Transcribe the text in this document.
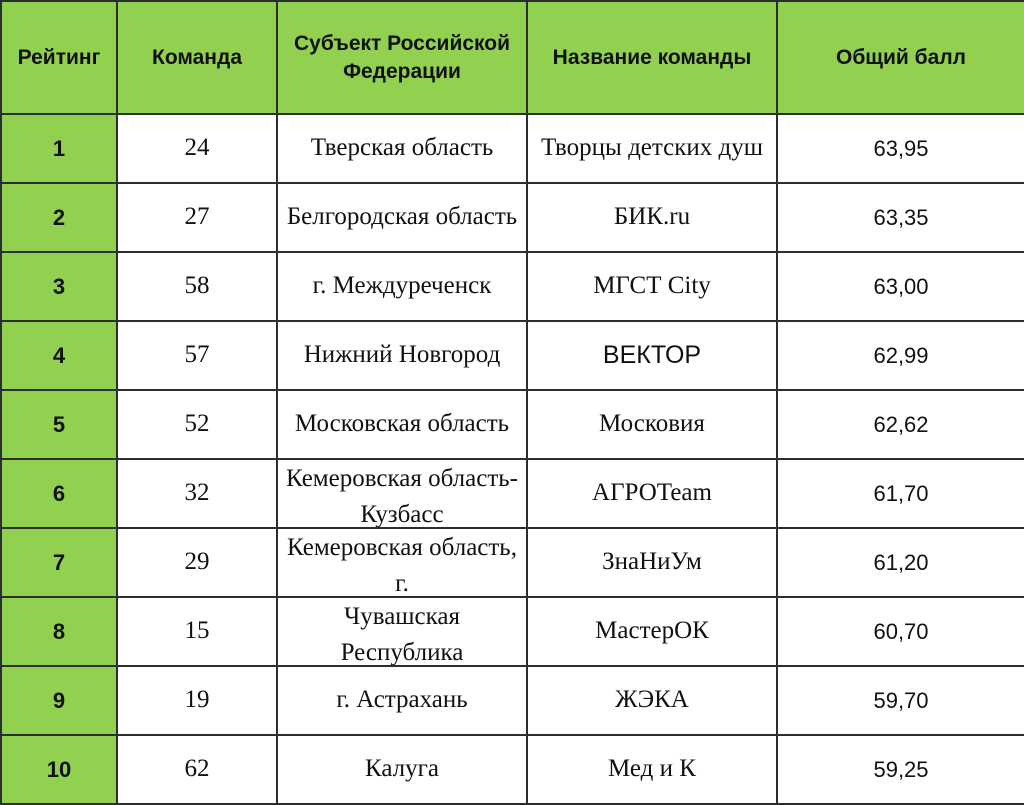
Рейтинг	Команда	Субъект Российской Федерации	Название команды	Общий балл
1	24	Тверская область	Творцы детских душ	63,95
2	27	Белгородская область	БИК.ru	63,35
3	58	г. Междуреченск	МГСТ City	63,00
4	57	Нижний Новгород	ВЕКТОР	62,99
5	52	Московская область	Московия	62,62
6	32	Кемеровская область-Кузбасс	АГРОTeam	61,70
7	29	Кемеровская область, г.	ЗнаНиУм	61,20
8	15	Чувашская Республика	МастерОК	60,70
9	19	г. Астрахань	ЖЭКА	59,70
10	62	Калуга	Мед и К	59,25
